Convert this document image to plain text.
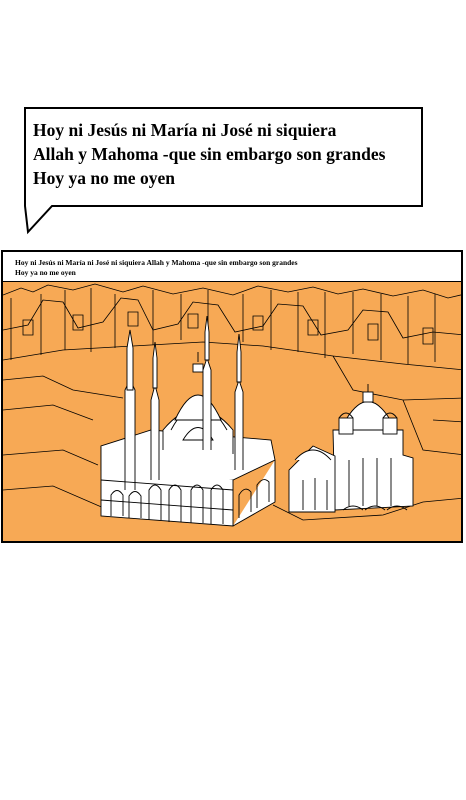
Hoy ni Jesús ni María ni José ni siquiera
Allah y Mahoma -que sin embargo son grandes
Hoy ya no me oyen

Hoy ni Jesús ni María ni José ni siquiera Allah y Mahoma -que sin embargo son grandes
Hoy ya no me oyen
